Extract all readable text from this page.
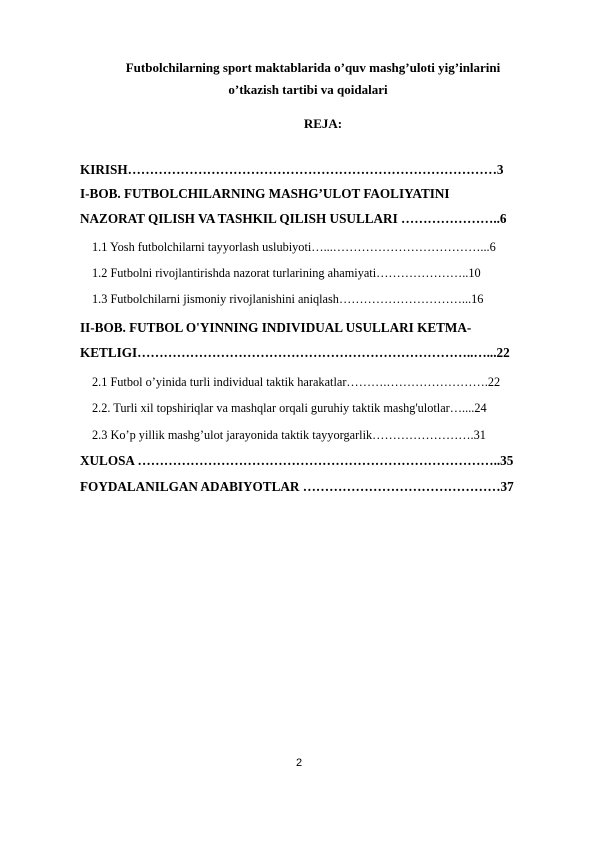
Futbolchilarning sport maktablarida o’quv mashg’uloti yig’inlarini
o’tkazish tartibi va qoidalari
REJA:
KIRISH…………………………………………………………………………3
I-BOB. FUTBOLCHILARNING MASHG’ULOT FAOLIYATINI
NAZORAT QILISH VA TASHKIL QILISH USULLARI …………………..6
1.1 Yosh futbolchilarni tayyorlash uslubiyoti…...………………………………...6
1.2 Futbolni rivojlantirishda nazorat turlarining ahamiyati…………………..10
1.3 Futbolchilarni jismoniy rivojlanishini aniqlash…………………………...16
II-BOB. FUTBOL O'YINNING INDIVIDUAL USULLARI KETMA-
KETLIGI…………………………………………………………………..…...22
2.1 Futbol o’yinida turli individual taktik harakatlar……….…………………….22
2.2. Turli xil topshiriqlar va mashqlar orqali guruhiy taktik mashg'ulotlar…....24
2.3 Ko’p yillik mashg’ulot jarayonida taktik tayyorgarlik…………………….31
XULOSA ………………………………………………………………………..35
FOYDALANILGAN ADABIYOTLAR ………………………………………37
2
